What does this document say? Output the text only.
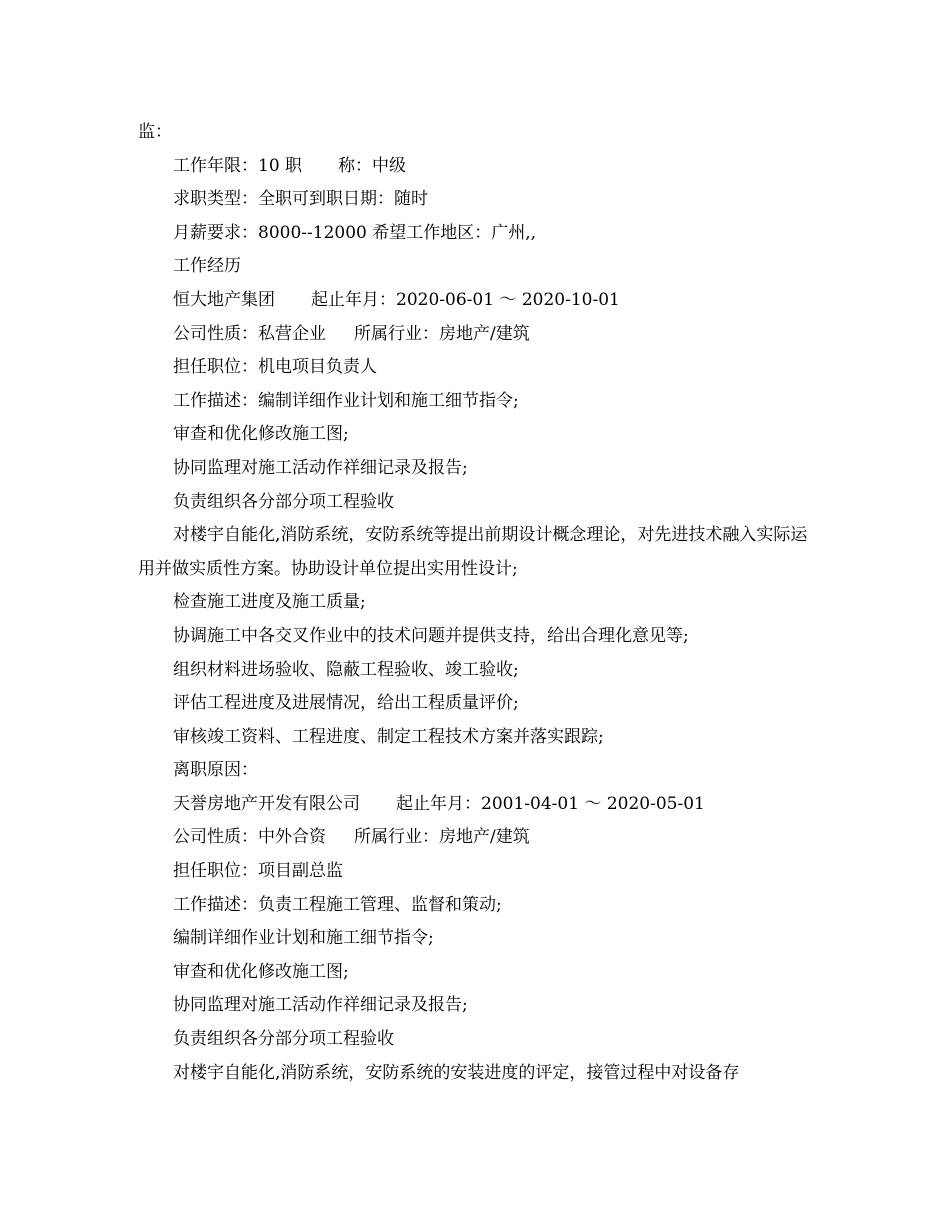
监：
工作年限：10 职 称：中级
求职类型：全职可到职日期：随时
月薪要求：8000--12000 希望工作地区：广州,,
工作经历
恒大地产集团 起止年月：2020-06-01 ～ 2020-10-01
公司性质：私营企业 所属行业：房地产/建筑
担任职位：机电项目负责人
工作描述：编制详细作业计划和施工细节指令;
审查和优化修改施工图;
协同监理对施工活动作祥细记录及报告;
负责组织各分部分项工程验收
对楼宇自能化,消防系统，安防系统等提出前期设计概念理论，对先进技术融入实际运用并做实质性方案。协助设计单位提出实用性设计;
检查施工进度及施工质量;
协调施工中各交叉作业中的技术问题并提供支持，给出合理化意见等;
组织材料进场验收、隐蔽工程验收、竣工验收;
评估工程进度及进展情况，给出工程质量评价;
审核竣工资料、工程进度、制定工程技术方案并落实跟踪;
离职原因：
天誉房地产开发有限公司 起止年月：2001-04-01 ～ 2020-05-01
公司性质：中外合资 所属行业：房地产/建筑
担任职位：项目副总监
工作描述：负责工程施工管理、监督和策动;
编制详细作业计划和施工细节指令;
审查和优化修改施工图;
协同监理对施工活动作祥细记录及报告;
负责组织各分部分项工程验收
对楼宇自能化,消防系统，安防系统的安装进度的评定，接管过程中对设备存
